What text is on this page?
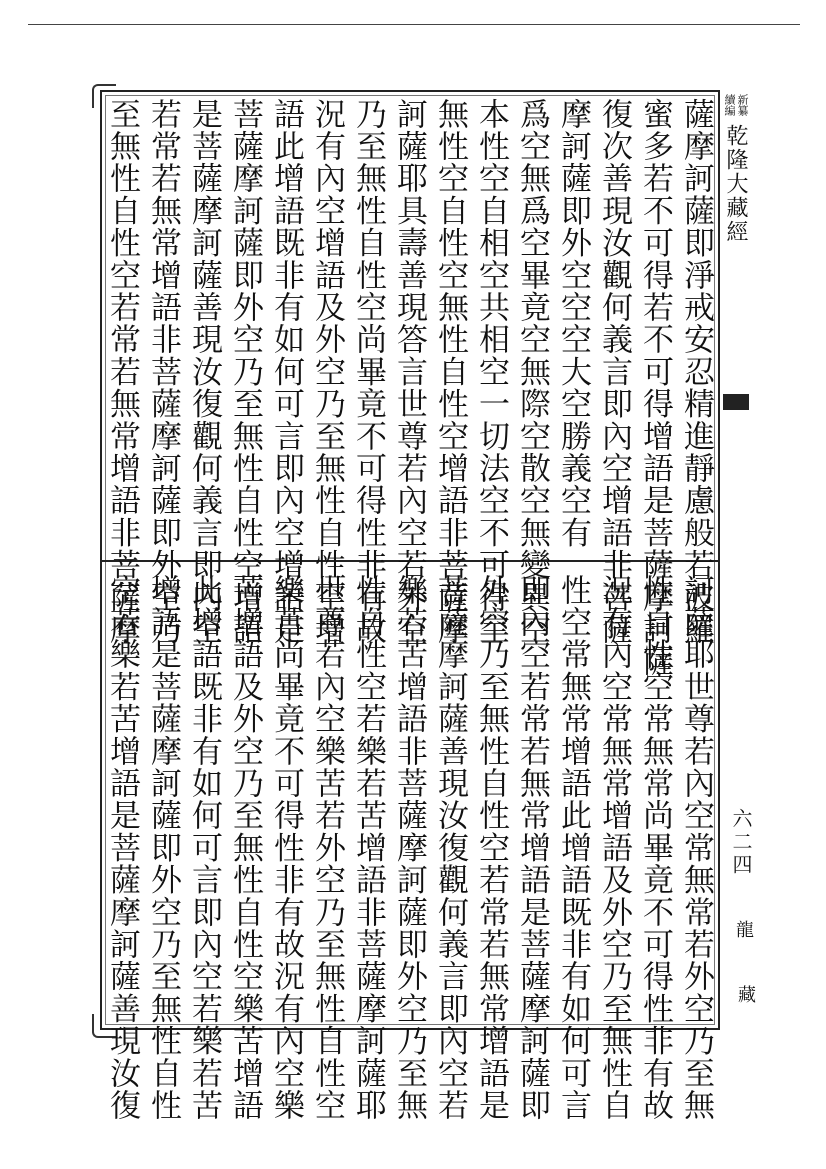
新纂
續編
乾隆大藏經
六二四
龍
藏
薩摩訶薩即淨戒安忍精進靜慮般若波羅
蜜多若不可得若不可得增語是菩薩摩訶薩
復次善現汝觀何義言即內空增語非菩薩
摩訶薩即外空空空大空勝義空有
爲空無爲空畢竟空無際空散空無變異空
本性空自相空共相空一切法空不可得空
無性空自性空無性自性空增語非菩薩摩
訶薩耶具壽善現答言世尊若內空若外空
乃至無性自性空尚畢竟不可得性非有故
況有內空增語及外空乃至無性自性空增
語此增語既非有如何可言即內空增語是
菩薩摩訶薩即外空乃至無性自性空增語
是菩薩摩訶薩善現汝復觀何義言即內空
若常若無常增語非菩薩摩訶薩即外空乃
至無性自性空若常若無常增語非菩薩摩
訶薩耶世尊若內空常無常若外空乃至無
性自性空常無常尚畢竟不可得性非有故
況有內空常無常增語及外空乃至無性自
性空常無常增語此增語既非有如何可言
即內空若常若無常增語是菩薩摩訶薩即
外空乃至無性自性空若常若無常增語是
菩薩摩訶薩善現汝復觀何義言即內空若
樂若苦增語非菩薩摩訶薩即外空乃至無
性自性空若樂若苦增語非菩薩摩訶薩耶
世尊若內空樂苦若外空乃至無性自性空
樂苦尚畢竟不可得性非有故況有內空樂
苦增語及外空乃至無性自性空樂苦增語
此增語既非有如何可言即內空若樂若苦
增語是菩薩摩訶薩即外空乃至無性自性
空若樂若苦增語是菩薩摩訶薩善現汝復
